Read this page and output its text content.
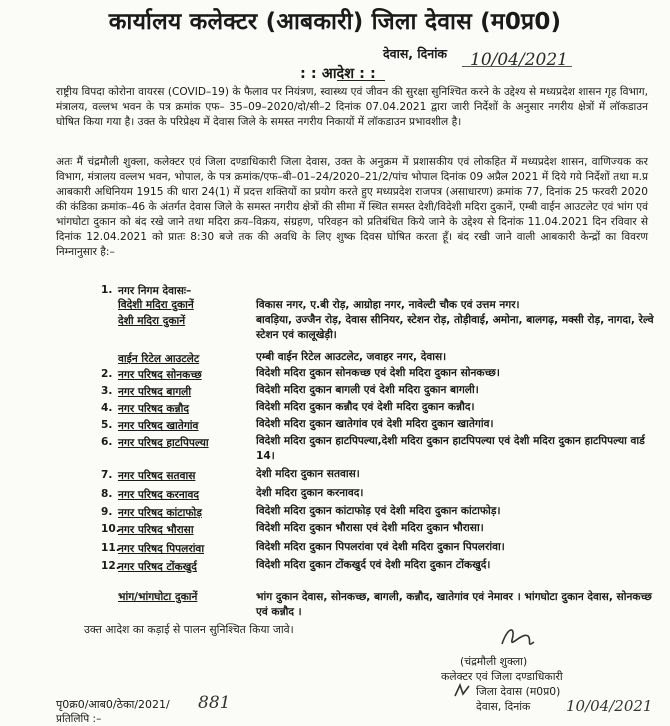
कार्यालय कलेक्टर (आबकारी) जिला देवास (म0प्र0)
देवास, दिनांक 10/04/2021
: : आदेश : :
राष्ट्रीय विपदा कोरोना वायरस (COVID–19) के फैलाव पर नियंत्रण, स्वास्थ्य एवं जीवन की सुरक्षा सुनिश्चित करने के उद्देश्य से मध्यप्रदेश शासन गृह विभाग, मंत्रालय, वल्लभ भवन के पत्र क्रमांक एफ– 35–09–2020/दो/सी–2 दिनांक 07.04.2021 द्वारा जारी निर्देशों के अनुसार नगरीय क्षेत्रों में लॉकडाउन घोषित किया गया है। उक्त के परिप्रेक्ष्य में देवास जिले के समस्त नगरीय निकायों में लॉकडाउन प्रभावशील है।
अतः मैं चंद्रमौली शुक्ला, कलेक्टर एवं जिला दण्डाधिकारी जिला देवास, उक्त के अनुक्रम में प्रशासकीय एवं लोकहित में मध्यप्रदेश शासन, वाणिज्यक कर विभाग, मंत्रालय वल्लभ भवन, भोपाल, के पत्र क्रमांक/एफ–बी–01–24/2020–21/2/पांच भोपाल दिनांक 09 अप्रैल 2021 में दिये गये निर्देशों तथा म.प्र आबकारी अधिनियम 1915 की धारा 24(1) में प्रदत्त शक्तियों का प्रयोग करते हुए मध्यप्रदेश राजपत्र (असाधारण) क्रमांक 77, दिनांक 25 फरवरी 2020 की कंडिका क्रमांक–46 के अंतर्गत देवास जिले के समस्त नगरीय क्षेत्रों की सीमा में स्थित समस्त देशी/विदेशी मदिरा दुकानें, एम्बी वाईन आउटलेट एवं भांग एवं भांगघोटा दुकान को बंद रखे जाने तथा मदिरा क्रय–विक्रय, संग्रहण, परिवहन को प्रतिबंधित किये जाने के उद्देश्य से दिनांक 11.04.2021 दिन रविवार से दिनांक 12.04.2021 को प्रातः 8:30 बजे तक की अवधि के लिए शुष्क दिवस घोषित करता हूँ। बंद रखी जाने वाली आबकारी केन्द्रों का विवरण निम्नानुसार है:–
1. नगर निगम देवासः–
विदेशी मदिरा दुकानें	विकास नगर, ए.बी रोड़, आग्रोहा नगर, नावेल्टी चौक एवं उत्तम नगर।
देशी मदिरा दुकानें	बावड़िया, उज्जैन रोड़, देवास सीनियर, स्टेशन रोड़, तोड़ीवाई, अमोना, बालगढ़, मक्सी रोड़, नागदा, रेल्वे स्टेशन एवं कालूखेड़ी।
वाईन रिटेल आउटलेट	एम्बी वाईन रिटेल आउटलेट, जवाहर नगर, देवास।
2. नगर परिषद सोनकच्छ	विदेशी मदिरा दुकान सोनकच्छ एवं देशी मदिरा दुकान सोनकच्छ।
3. नगर परिषद बागली	विदेशी मदिरा दुकान बागली एवं देशी मदिरा दुकान बागली।
4. नगर परिषद कन्नौद	विदेशी मदिरा दुकान कन्नौद एवं देशी मदिरा दुकान कन्नौद।
5. नगर परिषद खातेगांव	विदेशी मदिरा दुकान खातेगांव एवं देशी मदिरा दुकान खातेगांव।
6. नगर परिषद हाटपिपल्या	विदेशी मदिरा दुकान हाटपिपल्या,देशी मदिरा दुकान हाटपिपल्या एवं देशी मदिरा दुकान हाटपिपल्या वार्ड 14।
7. नगर परिषद सतवास	देशी मदिरा दुकान सतवास।
8. नगर परिषद करनावद	देशी मदिरा दुकान करनावद।
9. नगर परिषद कांटाफोड़	विदेशी मदिरा दुकान कांटाफोड़ एवं देशी मदिरा दुकान कांटाफोड़।
10.
नगर परिषद भौरासा	विदेशी मदिरा दुकान भौरासा एवं देशी मदिरा दुकान भौरासा।
11.
नगर परिषद पिपलरांवा	विदेशी मदिरा दुकान पिपलरांवा एवं देशी मदिरा दुकान पिपलरांवा।
12.
नगर परिषद टोंकखुर्द	विदेशी मदिरा दुकान टोंकखुर्द एवं देशी मदिरा दुकान टोंकखुर्द।
भांग/भांगघोटा दुकानें	भांग दुकान देवास, सोनकच्छ, बागली, कन्नौद, खातेगांव एवं नेमावर । भांगघोटा दुकान देवास, सोनकच्छ एवं कन्नौद ।
उक्त आदेश का कड़ाई से पालन सुनिश्चित किया जावे।
(चंद्रमौली शुक्ला)
कलेक्टर एवं जिला दण्डाधिकारी
जिला देवास (म0प्र0)
देवास, दिनांक 10/04/2021
पृ0क्र0/आब0/ठेका/2021/ 881
प्रतिलिपि :–
